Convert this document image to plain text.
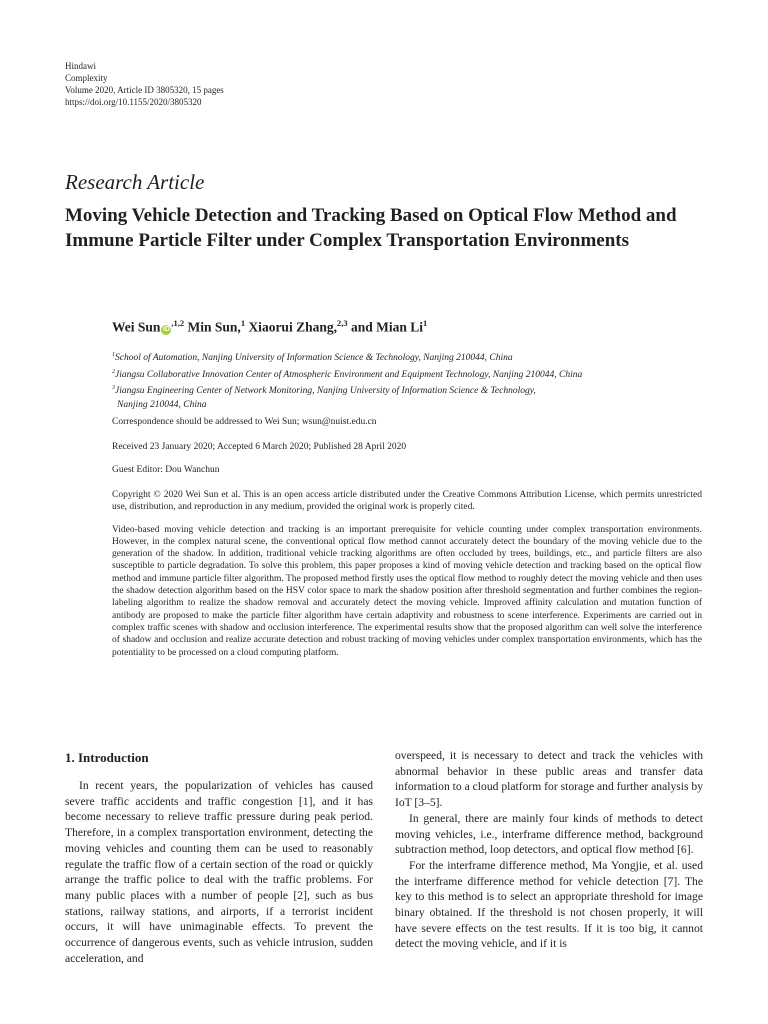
Hindawi
Complexity
Volume 2020, Article ID 3805320, 15 pages
https://doi.org/10.1155/2020/3805320
Research Article
Moving Vehicle Detection and Tracking Based on Optical Flow Method and Immune Particle Filter under Complex Transportation Environments
Wei Sun $iD^{,1,2}$ Min Sun,$^1$ Xiaorui Zhang,$^{2,3}$ and Mian Li$^1$
$^1$School of Automation, Nanjing University of Information Science & Technology, Nanjing 210044, China
$^2$Jiangsu Collaborative Innovation Center of Atmospheric Environment and Equipment Technology, Nanjing 210044, China
$^3$Jiangsu Engineering Center of Network Monitoring, Nanjing University of Information Science & Technology,
Nanjing 210044, China
Correspondence should be addressed to Wei Sun; wsun@nuist.edu.cn
Received 23 January 2020; Accepted 6 March 2020; Published 28 April 2020
Guest Editor: Dou Wanchun

Copyright © 2020 Wei Sun et al. This is an open access article distributed under the Creative Commons Attribution License, which permits unrestricted use, distribution, and reproduction in any medium, provided the original work is properly cited.

Video-based moving vehicle detection and tracking is an important prerequisite for vehicle counting under complex transportation environments. However, in the complex natural scene, the conventional optical flow method cannot accurately detect the boundary of the moving vehicle due to the generation of the shadow. In addition, traditional vehicle tracking algorithms are often occluded by trees, buildings, etc., and particle filters are also susceptible to particle degradation. To solve this problem, this paper proposes a kind of moving vehicle detection and tracking based on the optical flow method and immune particle filter algorithm. The proposed method firstly uses the optical flow method to roughly detect the moving vehicle and then uses the shadow detection algorithm based on the HSV color space to mark the shadow position after threshold segmentation and further combines the region-labeling algorithm to realize the shadow removal and accurately detect the moving vehicle. Improved affinity calculation and mutation function of antibody are proposed to make the particle filter algorithm have certain adaptivity and robustness to scene interference. Experiments are carried out in complex traffic scenes with shadow and occlusion interference. The experimental results show that the proposed algorithm can well solve the interference of shadow and occlusion and realize accurate detection and robust tracking of moving vehicles under complex transportation environments, which has the potentiality to be processed on a cloud computing platform.

1. Introduction

In recent years, the popularization of vehicles has caused severe traffic accidents and traffic congestion [1], and it has become necessary to relieve traffic pressure during peak period. Therefore, in a complex transportation environment, detecting the moving vehicles and counting them can be used to reasonably regulate the traffic flow of a certain section of the road or quickly arrange the traffic police to deal with the traffic problems. For many public places with a number of people [2], such as bus stations, railway stations, and airports, if a terrorist incident occurs, it will have unimaginable effects. To prevent the occurrence of dangerous events, such as vehicle intrusion, sudden acceleration, and

overspeed, it is necessary to detect and track the vehicles with abnormal behavior in these public areas and transfer data information to a cloud platform for storage and further analysis by IoT [3–5].

In general, there are mainly four kinds of methods to detect moving vehicles, i.e., interframe difference method, background subtraction method, loop detectors, and optical flow method [6].

For the interframe difference method, Ma Yongjie, et al. used the interframe difference method for vehicle detection [7]. The key to this method is to select an appropriate threshold for image binary obtained. If the threshold is not chosen properly, it will have severe effects on the test results. If it is too big, it cannot detect the moving vehicle, and if it is
